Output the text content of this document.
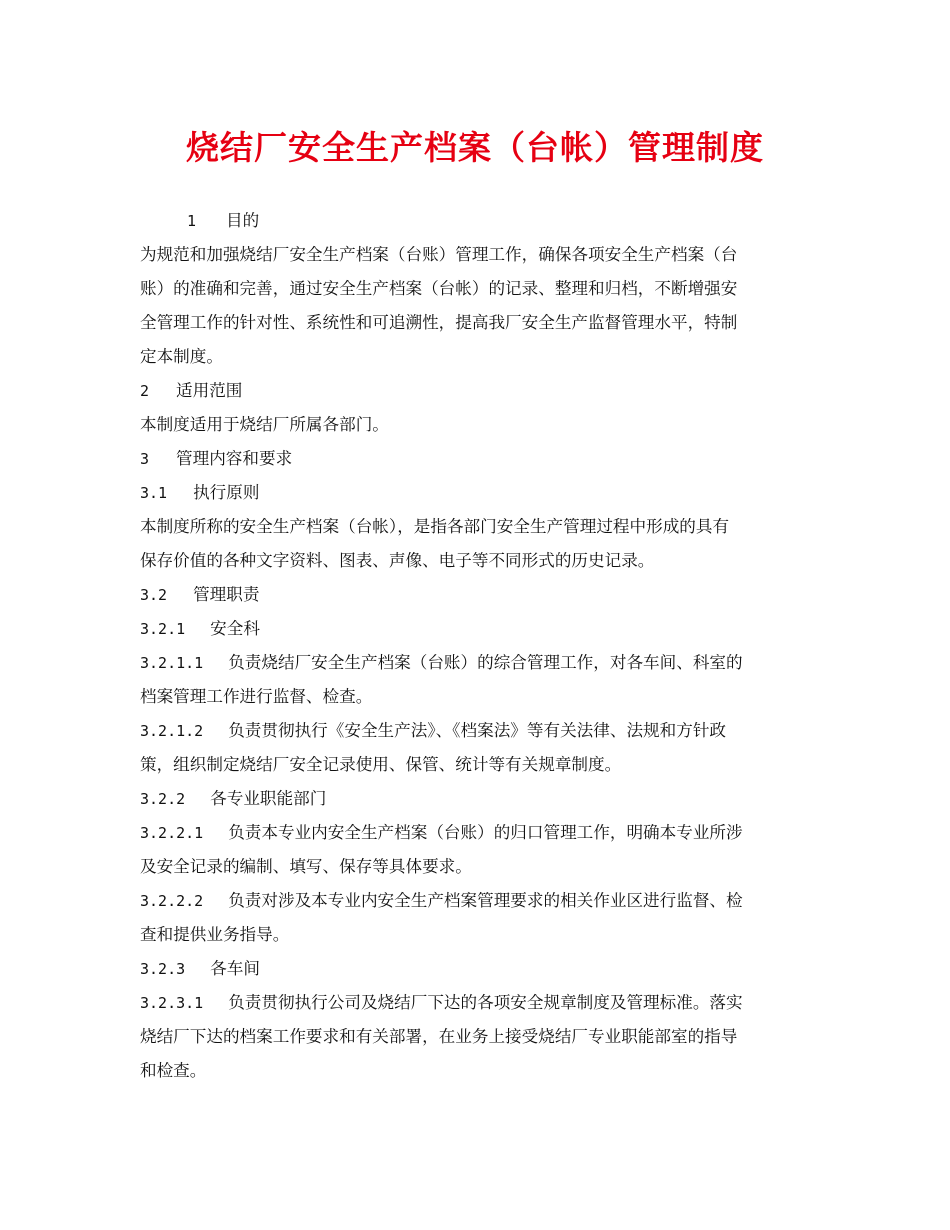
烧结厂安全生产档案（台帐）管理制度
1 目的
为规范和加强烧结厂安全生产档案（台账）管理工作，确保各项安全生产档案（台
账）的准确和完善，通过安全生产档案（台帐）的记录、整理和归档，不断增强安
全管理工作的针对性、系统性和可追溯性，提高我厂安全生产监督管理水平，特制
定本制度。
2 适用范围
本制度适用于烧结厂所属各部门。
3 管理内容和要求
3.1 执行原则
本制度所称的安全生产档案（台帐），是指各部门安全生产管理过程中形成的具有
保存价值的各种文字资料、图表、声像、电子等不同形式的历史记录。
3.2 管理职责
3.2.1 安全科
3.2.1.1 负责烧结厂安全生产档案（台账）的综合管理工作，对各车间、科室的
档案管理工作进行监督、检查。
3.2.1.2 负责贯彻执行《安全生产法》、《档案法》等有关法律、法规和方针政
策，组织制定烧结厂安全记录使用、保管、统计等有关规章制度。
3.2.2 各专业职能部门
3.2.2.1 负责本专业内安全生产档案（台账）的归口管理工作，明确本专业所涉
及安全记录的编制、填写、保存等具体要求。
3.2.2.2 负责对涉及本专业内安全生产档案管理要求的相关作业区进行监督、检
查和提供业务指导。
3.2.3 各车间
3.2.3.1 负责贯彻执行公司及烧结厂下达的各项安全规章制度及管理标准。落实
烧结厂下达的档案工作要求和有关部署，在业务上接受烧结厂专业职能部室的指导
和检查。
